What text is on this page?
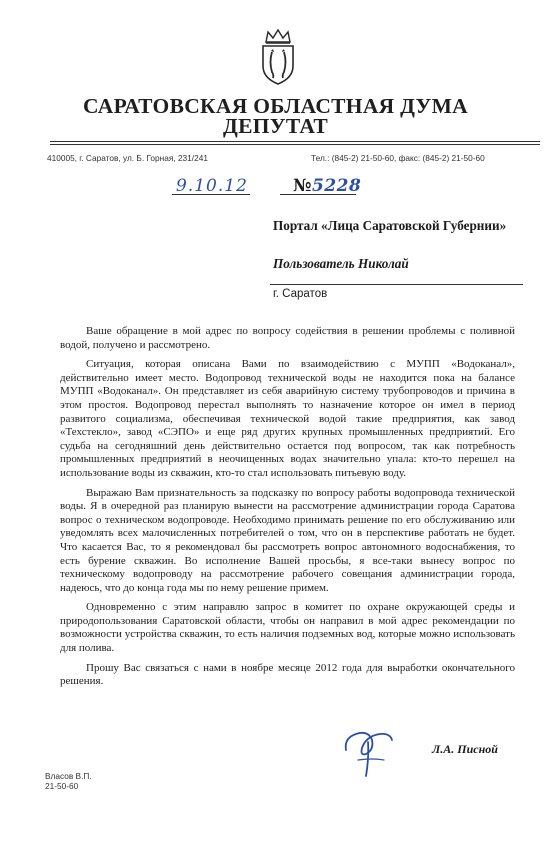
САРАТОВСКАЯ ОБЛАСТНАЯ ДУМА
ДЕПУТАТ
410005, г. Саратов, ул. Б. Горная, 231/241	Тел.: (845-2) 21-50-60, факс: (845-2) 21-50-60
9.10.12	№5228
Портал «Лица Саратовской Губернии»
Пользователь Николай
г. Саратов

Ваше обращение в мой адрес по вопросу содействия в решении проблемы с поливной водой, получено и рассмотрено.

Ситуация, которая описана Вами по взаимодействию с МУПП «Водоканал», действительно имеет место. Водопровод технической воды не находится пока на балансе МУПП «Водоканал». Он представляет из себя аварийную систему трубопроводов и причина в этом простоя. Водопровод перестал выполнять то назначение которое он имел в период развитого социализма, обеспечивая технической водой такие предприятия, как завод «Техстекло», завод «СЭПО» и еще ряд других крупных промышленных предприятий. Его судьба на сегодняшний день действительно остается под вопросом, так как потребность промышленных предприятий в неочищенных водах значительно упала: кто-то перешел на использование воды из скважин, кто-то стал использовать питьевую воду.

Выражаю Вам признательность за подсказку по вопросу работы водопровода технической воды. Я в очередной раз планирую вынести на рассмотрение администрации города Саратова вопрос о техническом водопроводе. Необходимо принимать решение по его обслуживанию или уведомлять всех малочисленных потребителей о том, что он в перспективе работать не будет. Что касается Вас, то я рекомендовал бы рассмотреть вопрос автономного водоснабжения, то есть бурение скважин. Во исполнение Вашей просьбы, я все-таки вынесу вопрос по техническому водопроводу на рассмотрение рабочего совещания администрации города, надеюсь, что до конца года мы по нему решение примем.

Одновременно с этим направлю запрос в комитет по охране окружающей среды и природопользования Саратовской области, чтобы он направил в мой адрес рекомендации по возможности устройства скважин, то есть наличия подземных вод, которые можно использовать для полива.

Прошу Вас связаться с нами в ноябре месяце 2012 года для выработки окончательного решения.

Л.А. Писной
Власов В.П.
21-50-60
